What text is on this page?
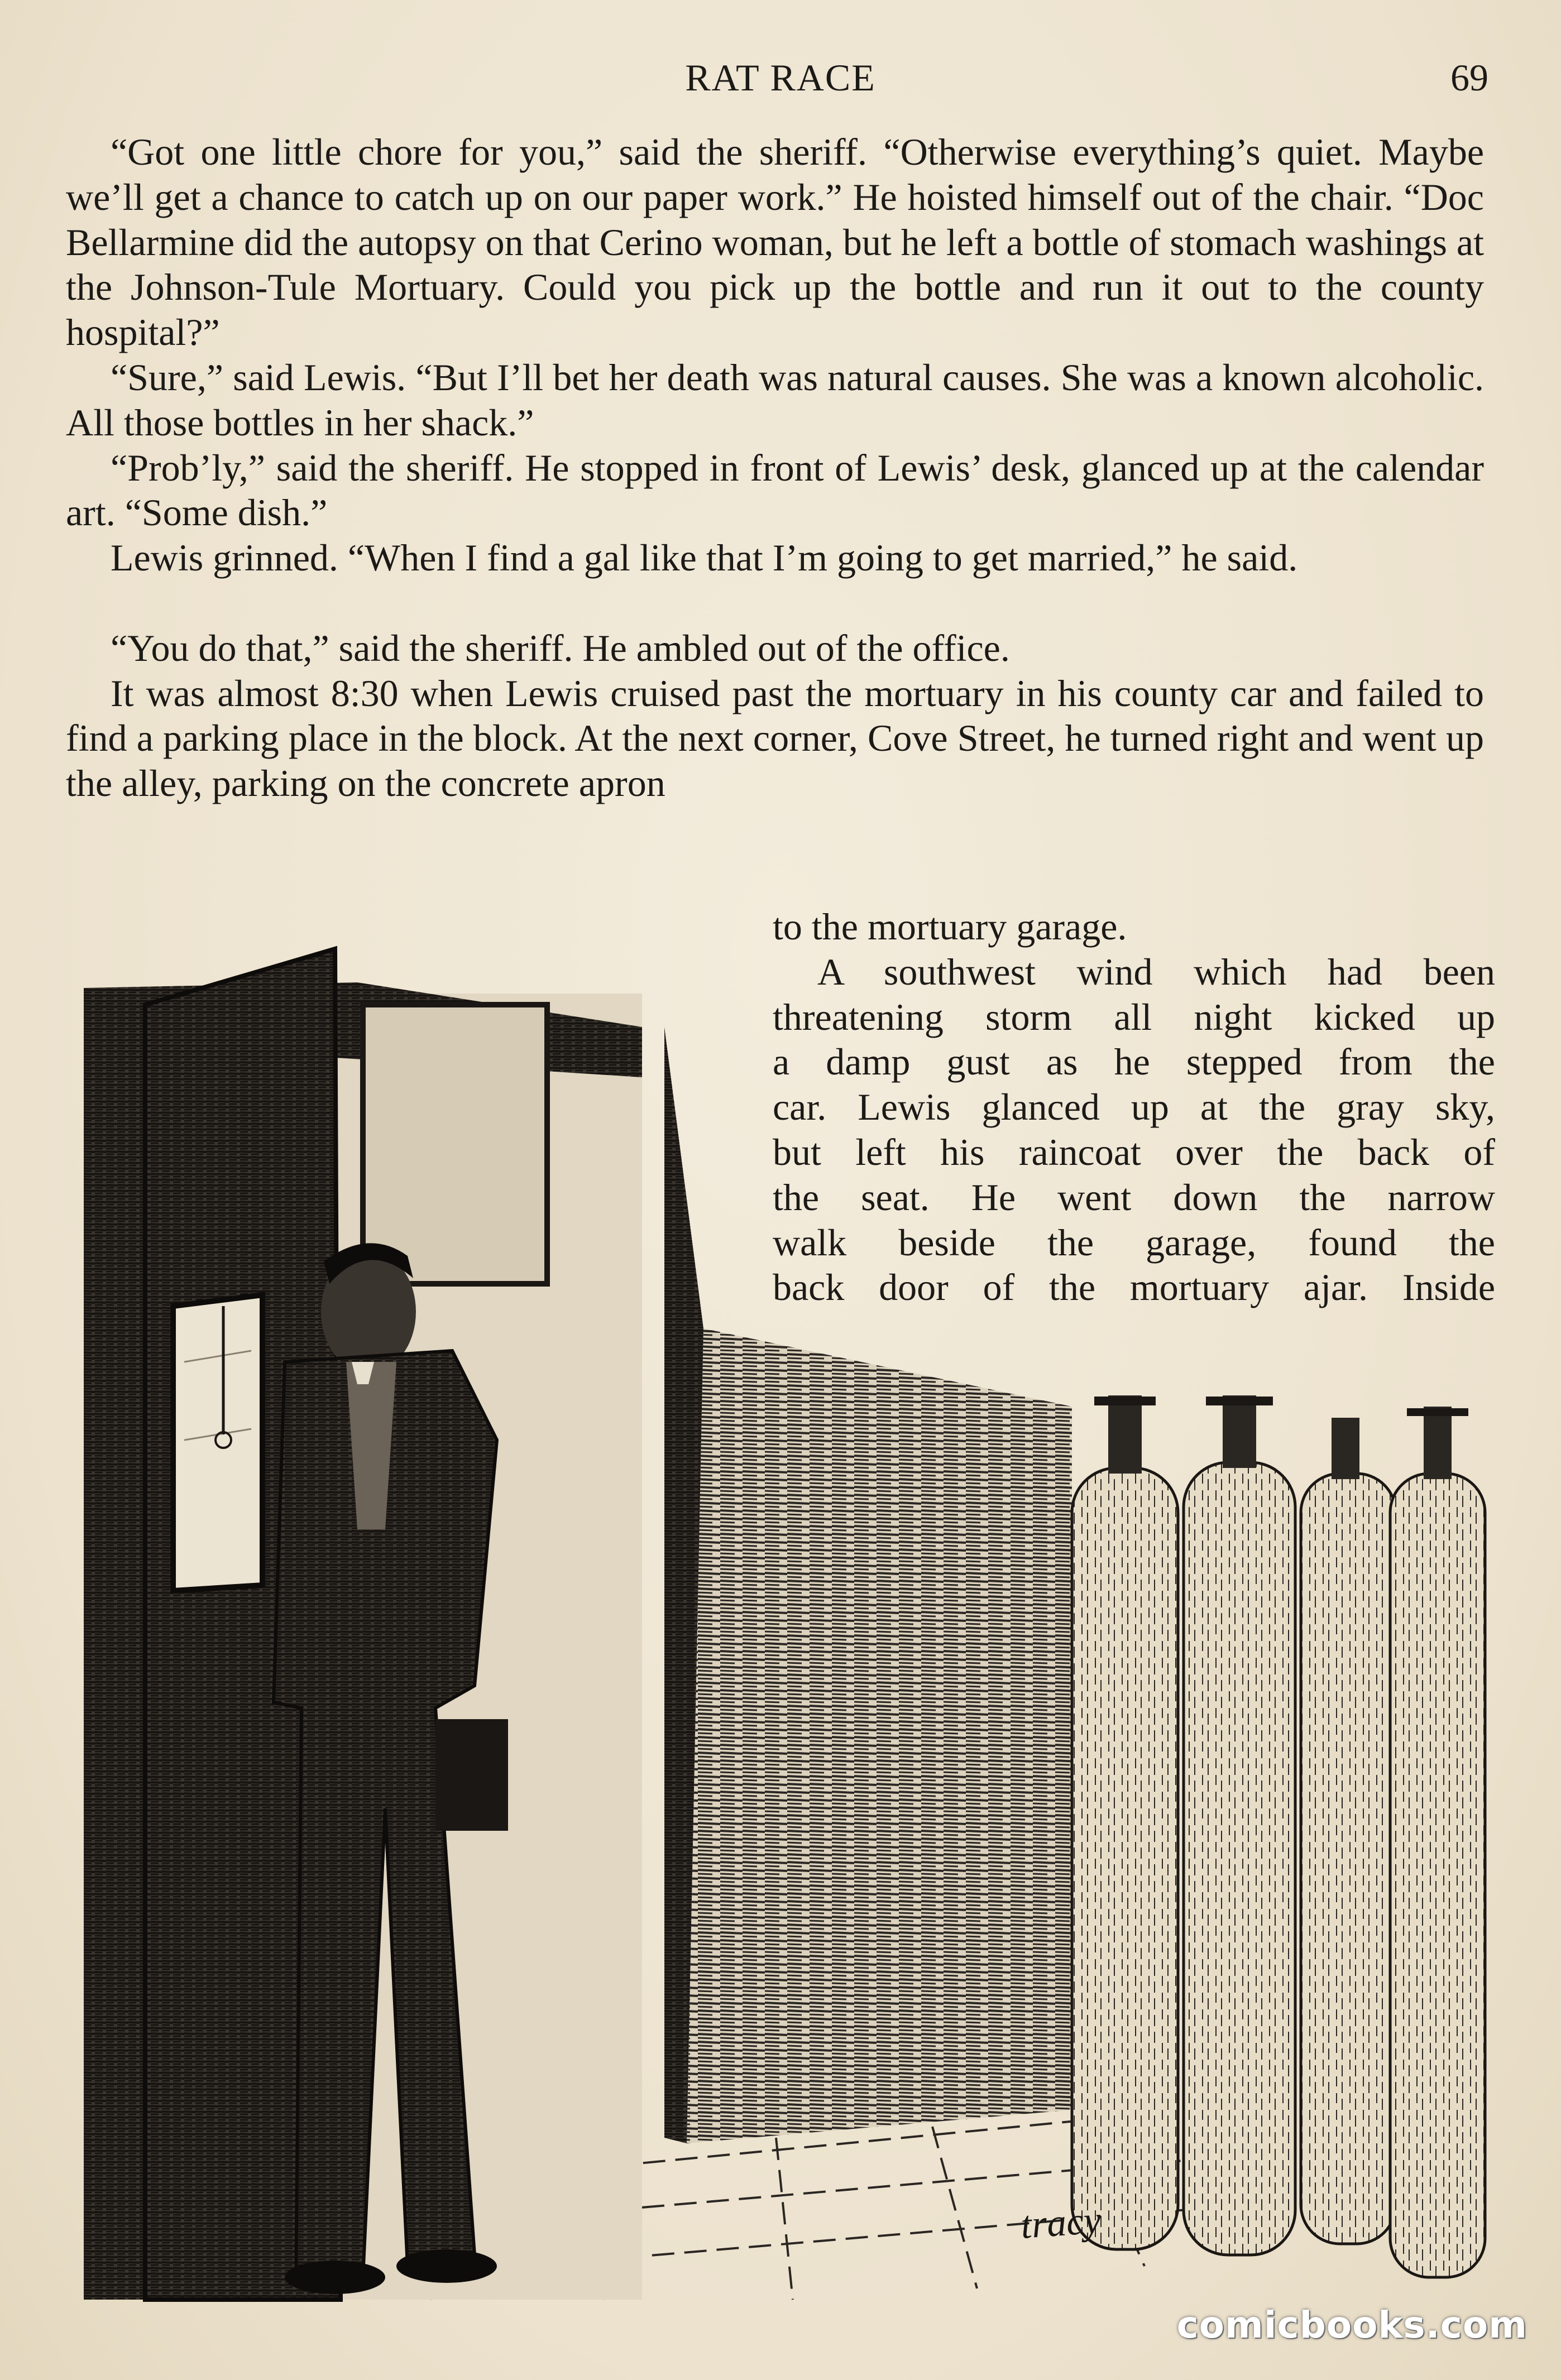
RAT RACE	69

“Got one little chore for you,” said the sheriff. “Otherwise everything’s quiet. Maybe we’ll get a chance to catch up on our paper work.” He hoisted himself out of the chair. “Doc Bellarmine did the autopsy on that Cerino woman, but he left a bottle of stomach washings at the Johnson-Tule Mortuary. Could you pick up the bottle and run it out to the county hospital?”

“Sure,” said Lewis. “But I’ll bet her death was natural causes. She was a known alcoholic. All those bottles in her shack.”

“Prob’ly,” said the sheriff. He stopped in front of Lewis’ desk, glanced up at the calendar art. “Some dish.”

Lewis grinned. “When I find a gal like that I’m going to get married,” he said.

“You do that,” said the sheriff. He ambled out of the office.

It was almost 8:30 when Lewis cruised past the mortuary in his county car and failed to find a parking place in the block. At the next corner, Cove Street, he turned right and went up the alley, parking on the concrete apron

to the mortuary garage.
A southwest wind which had been
threatening storm all night kicked up
a damp gust as he stepped from the
car. Lewis glanced up at the gray sky,
but left his raincoat over the back of
the seat. He went down the narrow
walk beside the garage, found the
back door of the mortuary ajar. Inside
tracy
comicbooks.com
